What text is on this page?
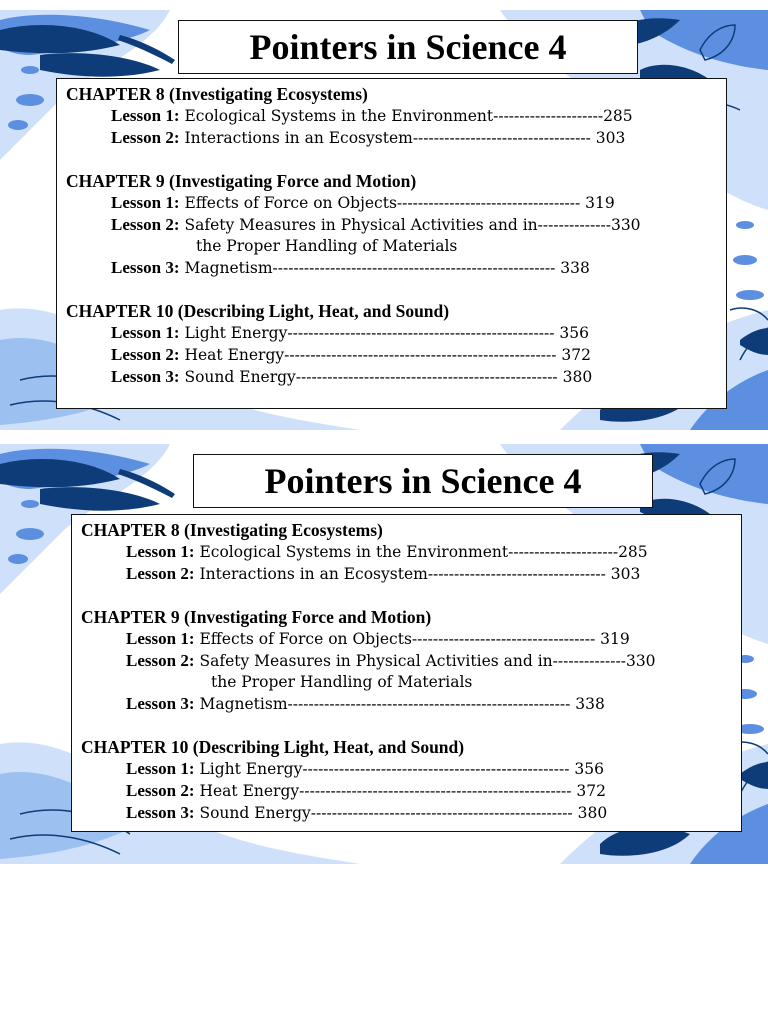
Pointers in Science 4

CHAPTER 8 (Investigating Ecosystems)

Lesson 1: Ecological Systems in the Environment---------------------285
Lesson 2: Interactions in an Ecosystem---------------------------------- 303

CHAPTER 9 (Investigating Force and Motion)

Lesson 1: Effects of Force on Objects----------------------------------- 319
Lesson 2: Safety Measures in Physical Activities and in--------------330
the Proper Handling of Materials
Lesson 3: Magnetism------------------------------------------------------ 338

CHAPTER 10 (Describing Light, Heat, and Sound)

Lesson 1: Light Energy--------------------------------------------------- 356
Lesson 2: Heat Energy---------------------------------------------------- 372
Lesson 3: Sound Energy-------------------------------------------------- 380
Pointers in Science 4

CHAPTER 8 (Investigating Ecosystems)

Lesson 1: Ecological Systems in the Environment---------------------285
Lesson 2: Interactions in an Ecosystem---------------------------------- 303

CHAPTER 9 (Investigating Force and Motion)

Lesson 1: Effects of Force on Objects----------------------------------- 319
Lesson 2: Safety Measures in Physical Activities and in--------------330
the Proper Handling of Materials
Lesson 3: Magnetism------------------------------------------------------ 338

CHAPTER 10 (Describing Light, Heat, and Sound)

Lesson 1: Light Energy--------------------------------------------------- 356
Lesson 2: Heat Energy---------------------------------------------------- 372
Lesson 3: Sound Energy-------------------------------------------------- 380
